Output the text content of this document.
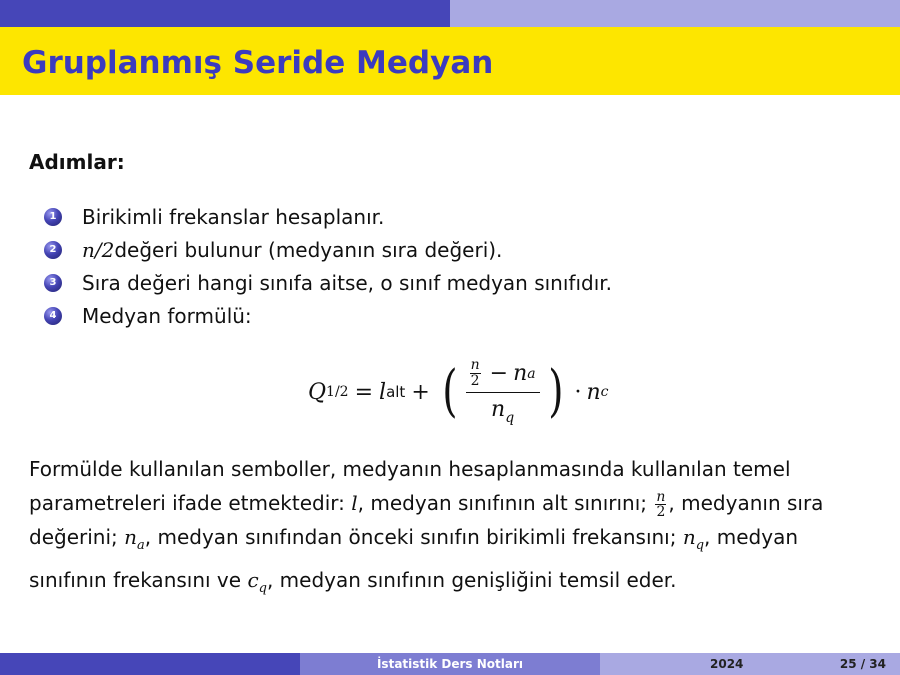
Gruplanmış Seride Medyan
Adımlar:
1 Birikimli frekanslar hesaplanır.
2 n/2 değeri bulunur (medyanın sıra değeri).
3 Sıra değeri hangi sınıfa aitse, o sınıf medyan sınıfıdır.
4 Medyan formülü:
Q 1/2 = l alt + ( $\frac{\frac{n}{2} - n a}{n_q}$ ) · n c

Formülde kullanılan semboller, medyanın hesaplanmasında kullanılan temel parametreleri ifade etmektedir: l, medyan sınıfının alt sınırını; $\frac{n}{2}$ , medyanın sıra değerini; $n_a$, medyan sınıfından önceki sınıfın birikimli frekansını; $n_q$, medyan sınıfının frekansını ve $c_q$, medyan sınıfının genişliğini temsil eder.

İstatistik Ders Notları	2024	25 / 34
